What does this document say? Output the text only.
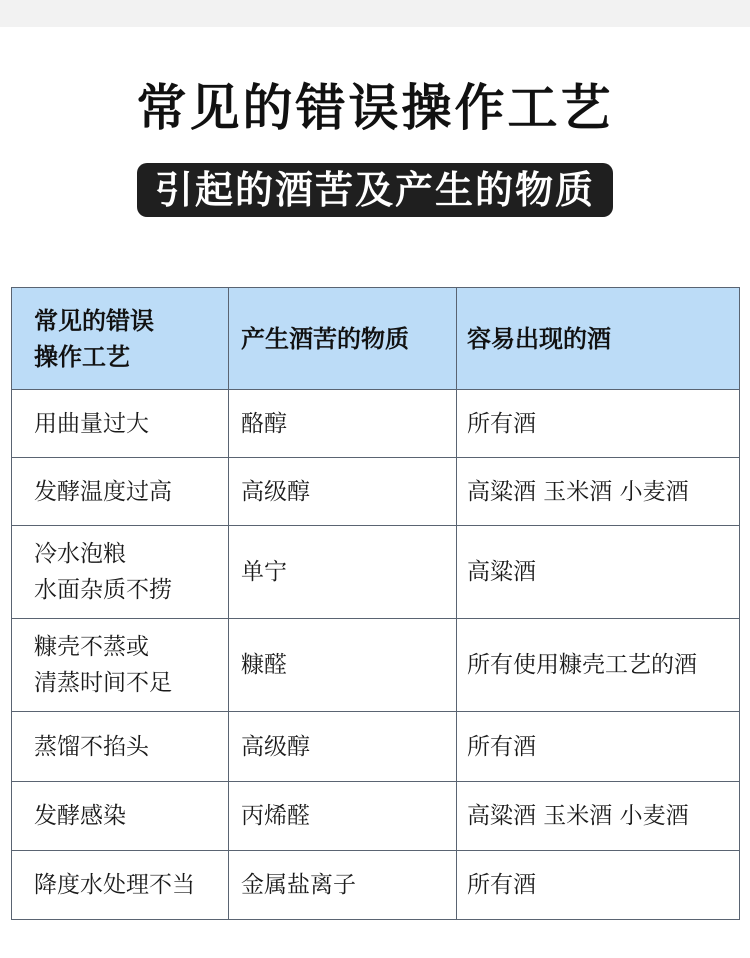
常见的错误操作工艺
引起的酒苦及产生的物质
常见的错误
操作工艺	产生酒苦的物质	容易出现的酒

用曲量过大	酪醇	所有酒

发酵温度过高	高级醇	高粱酒 玉米酒 小麦酒

冷水泡粮
水面杂质不捞	单宁	高粱酒

糠壳不蒸或
清蒸时间不足	糠醛	所有使用糠壳工艺的酒

蒸馏不掐头	高级醇	所有酒

发酵感染	丙烯醛	高粱酒 玉米酒 小麦酒

降度水处理不当	金属盐离子	所有酒
